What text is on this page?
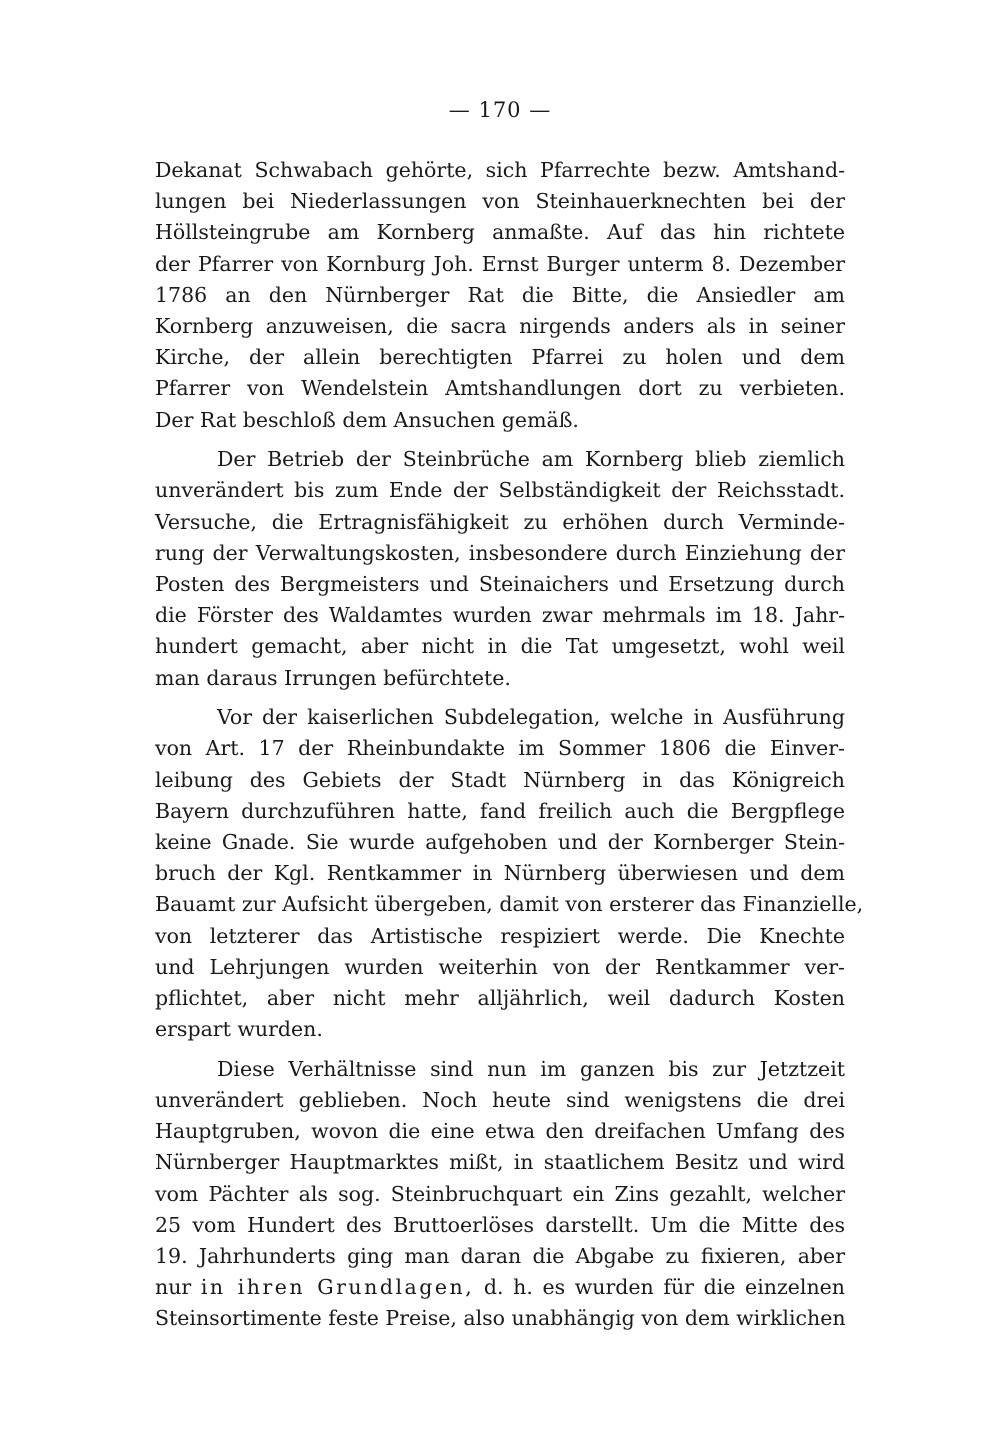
— 170 —
Dekanat Schwabach gehörte, sich Pfarrechte bezw. Amtshand-
lungen bei Niederlassungen von Steinhauerknechten bei der
Höllsteingrube am Kornberg anmaßte. Auf das hin richtete
der Pfarrer von Kornburg Joh. Ernst Burger unterm 8. Dezember
1786 an den Nürnberger Rat die Bitte, die Ansiedler am
Kornberg anzuweisen, die sacra nirgends anders als in seiner
Kirche, der allein berechtigten Pfarrei zu holen und dem
Pfarrer von Wendelstein Amtshandlungen dort zu verbieten.
Der Rat beschloß dem Ansuchen gemäß.
Der Betrieb der Steinbrüche am Kornberg blieb ziemlich
unverändert bis zum Ende der Selbständigkeit der Reichsstadt.
Versuche, die Ertragnisfähigkeit zu erhöhen durch Verminde-
rung der Verwaltungskosten, insbesondere durch Einziehung der
Posten des Bergmeisters und Steinaichers und Ersetzung durch
die Förster des Waldamtes wurden zwar mehrmals im 18. Jahr-
hundert gemacht, aber nicht in die Tat umgesetzt, wohl weil
man daraus Irrungen befürchtete.
Vor der kaiserlichen Subdelegation, welche in Ausführung
von Art. 17 der Rheinbundakte im Sommer 1806 die Einver-
leibung des Gebiets der Stadt Nürnberg in das Königreich
Bayern durchzuführen hatte, fand freilich auch die Bergpflege
keine Gnade. Sie wurde aufgehoben und der Kornberger Stein-
bruch der Kgl. Rentkammer in Nürnberg überwiesen und dem
Bauamt zur Aufsicht übergeben, damit von ersterer das Finanzielle,
von letzterer das Artistische respiziert werde. Die Knechte
und Lehrjungen wurden weiterhin von der Rentkammer ver-
pflichtet, aber nicht mehr alljährlich, weil dadurch Kosten
erspart wurden.
Diese Verhältnisse sind nun im ganzen bis zur Jetztzeit
unverändert geblieben. Noch heute sind wenigstens die drei
Hauptgruben, wovon die eine etwa den dreifachen Umfang des
Nürnberger Hauptmarktes mißt, in staatlichem Besitz und wird
vom Pächter als sog. Steinbruchquart ein Zins gezahlt, welcher
25 vom Hundert des Bruttoerlöses darstellt. Um die Mitte des
19. Jahrhunderts ging man daran die Abgabe zu fixieren, aber
nur in ihren Grundlagen, d. h. es wurden für die einzelnen
Steinsortimente feste Preise, also unabhängig von dem wirklichen
